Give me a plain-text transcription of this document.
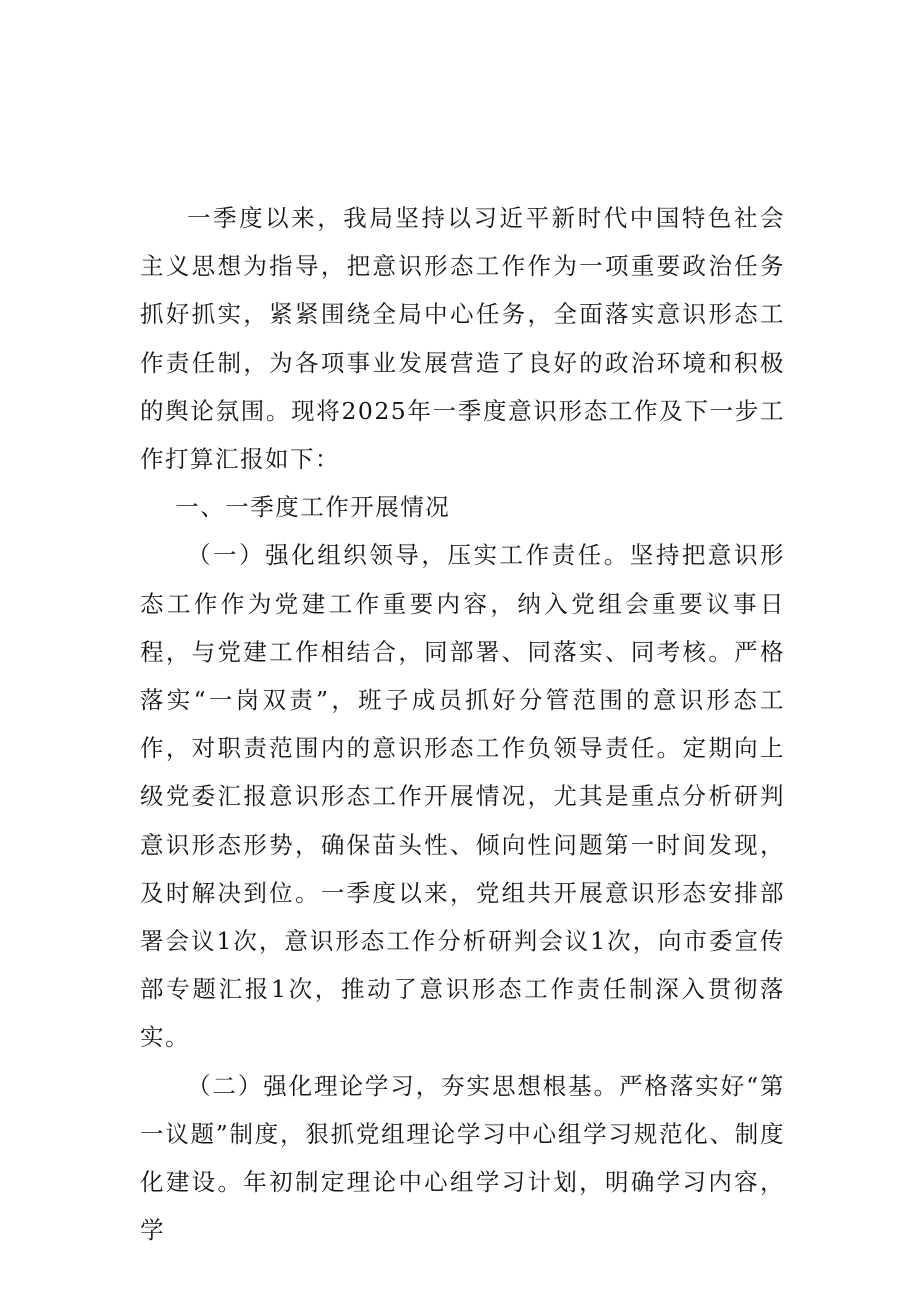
一季度以来，我局坚持以习近平新时代中国特色社会主义思想为指导，把意识形态工作作为一项重要政治任务抓好抓实，紧紧围绕全局中心任务，全面落实意识形态工作责任制，为各项事业发展营造了良好的政治环境和积极的舆论氛围。现将2025年一季度意识形态工作及下一步工作打算汇报如下：

一、一季度工作开展情况

（一）强化组织领导，压实工作责任。坚持把意识形态工作作为党建工作重要内容，纳入党组会重要议事日程，与党建工作相结合，同部署、同落实、同考核。严格落实“一岗双责”，班子成员抓好分管范围的意识形态工作，对职责范围内的意识形态工作负领导责任。定期向上级党委汇报意识形态工作开展情况，尤其是重点分析研判意识形态形势，确保苗头性、倾向性问题第一时间发现，及时解决到位。一季度以来，党组共开展意识形态安排部署会议1次，意识形态工作分析研判会议1次，向市委宣传部专题汇报1次，推动了意识形态工作责任制深入贯彻落实。

（二）强化理论学习，夯实思想根基。严格落实好“第一议题”制度，狠抓党组理论学习中心组学习规范化、制度化建设。年初制定理论中心组学习计划，明确学习内容，学
